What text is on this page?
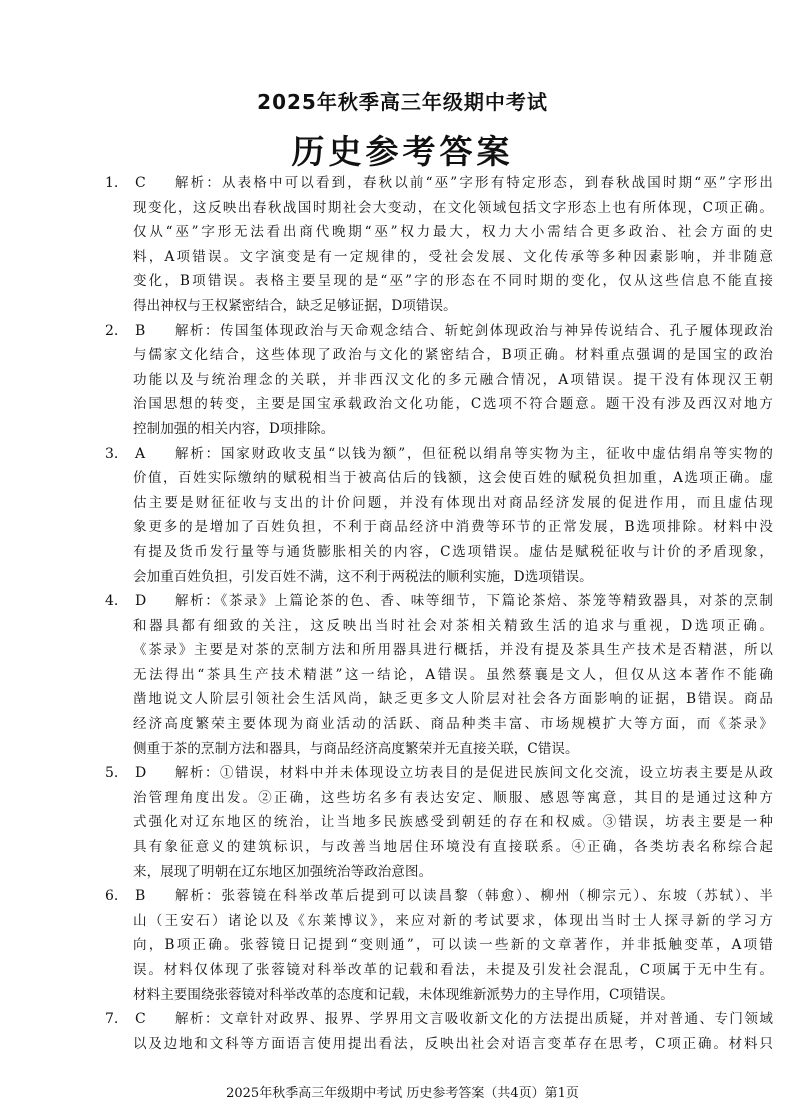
2025年秋季高三年级期中考试
历史参考答案
1.	C 解析：从表格中可以看到，春秋以前“巫”字形有特定形态，到春秋战国时期“巫”字形出
现变化，这反映出春秋战国时期社会大变动，在文化领域包括文字形态上也有所体现，C项正确。
仅从“巫”字形无法看出商代晚期“巫”权力最大，权力大小需结合更多政治、社会方面的史
料，A项错误。文字演变是有一定规律的，受社会发展、文化传承等多种因素影响，并非随意
变化，B项错误。表格主要呈现的是“巫”字的形态在不同时期的变化，仅从这些信息不能直接
得出神权与王权紧密结合，缺乏足够证据，D项错误。
2.	B 解析：传国玺体现政治与天命观念结合、斩蛇剑体现政治与神异传说结合、孔子履体现政治
与儒家文化结合，这些体现了政治与文化的紧密结合，B项正确。材料重点强调的是国宝的政治
功能以及与统治理念的关联，并非西汉文化的多元融合情况，A项错误。提干没有体现汉王朝
治国思想的转变，主要是国宝承载政治文化功能，C选项不符合题意。题干没有涉及西汉对地方
控制加强的相关内容，D项排除。
3.	A 解析：国家财政收支虽“以钱为额”，但征税以绢帛等实物为主，征收中虚估绢帛等实物的
价值，百姓实际缴纳的赋税相当于被高估后的钱额，这会使百姓的赋税负担加重，A选项正确。虚
估主要是财征征收与支出的计价问题，并没有体现出对商品经济发展的促进作用，而且虚估现
象更多的是增加了百姓负担，不利于商品经济中消费等环节的正常发展，B选项排除。材料中没
有提及货币发行量等与通货膨胀相关的内容，C选项错误。虚估是赋税征收与计价的矛盾现象，
会加重百姓负担，引发百姓不满，这不利于两税法的顺利实施，D选项错误。
4.	D 解析：《茶录》上篇论茶的色、香、味等细节，下篇论茶焙、茶笼等精致器具，对茶的烹制
和器具都有细致的关注，这反映出当时社会对茶相关精致生活的追求与重视，D选项正确。
《茶录》主要是对茶的烹制方法和所用器具进行概括，并没有提及茶具生产技术是否精湛，所以
无法得出“茶具生产技术精湛”这一结论，A错误。虽然蔡襄是文人，但仅从这本著作不能确
凿地说文人阶层引领社会生活风尚，缺乏更多文人阶层对社会各方面影响的证据，B错误。商品
经济高度繁荣主要体现为商业活动的活跃、商品种类丰富、市场规模扩大等方面，而《茶录》
侧重于茶的烹制方法和器具，与商品经济高度繁荣并无直接关联，C错误。
5.	D 解析：①错误，材料中并未体现设立坊表目的是促进民族间文化交流，设立坊表主要是从政
治管理角度出发。②正确，这些坊名多有表达安定、顺服、感恩等寓意，其目的是通过这种方
式强化对辽东地区的统治，让当地多民族感受到朝廷的存在和权威。③错误，坊表主要是一种
具有象征意义的建筑标识，与改善当地居住环境没有直接联系。④正确，各类坊表名称综合起
来，展现了明朝在辽东地区加强统治等政治意图。
6.	B 解析：张蓉镜在科举改革后提到可以读昌黎（韩愈）、柳州（柳宗元）、东坡（苏轼）、半
山（王安石）诸论以及《东莱博议》，来应对新的考试要求，体现出当时士人探寻新的学习方
向，B项正确。张蓉镜日记提到“变则通”，可以读一些新的文章著作，并非抵触变革，A项错
误。材料仅体现了张蓉镜对科举改革的记载和看法，未提及引发社会混乱，C项属于无中生有。
材料主要围绕张蓉镜对科举改革的态度和记载，未体现维新派势力的主导作用，C项错误。
7.	C 解析：文章针对政界、报界、学界用文言吸收新文化的方法提出质疑，并对普通、专门领域
以及边地和文科等方面语言使用提出看法，反映出社会对语言变革存在思考，C项正确。材料只
2025年秋季高三年级期中考试 历史参考答案（共4页）第1页
